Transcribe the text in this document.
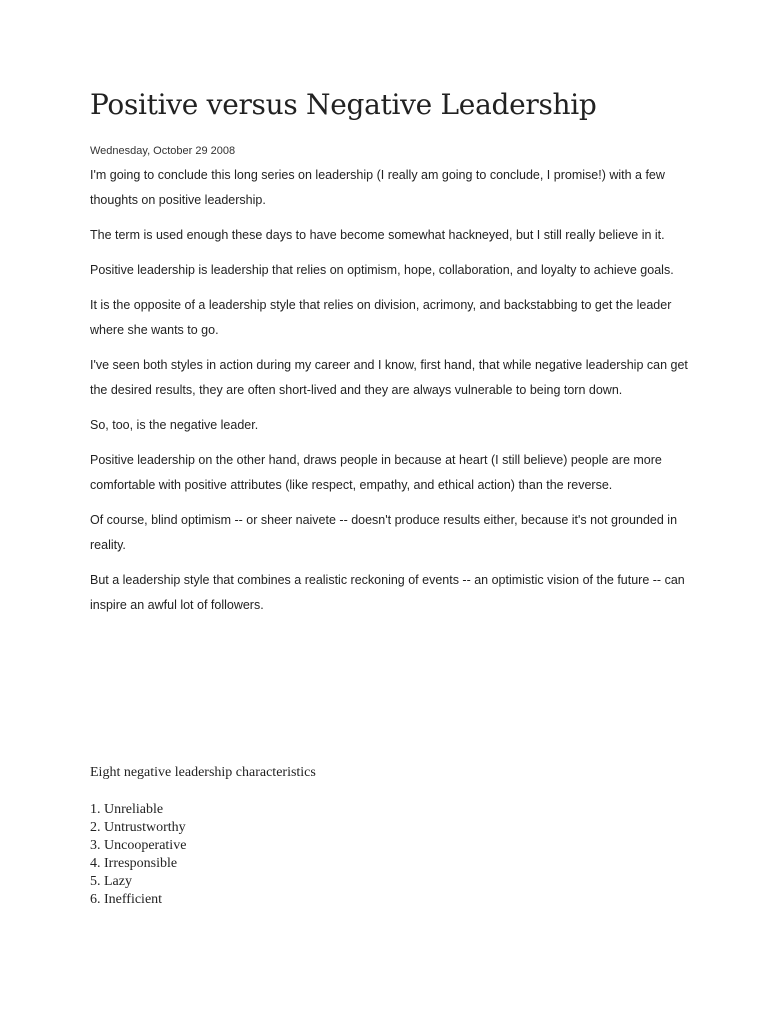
Positive versus Negative Leadership
Wednesday, October 29 2008

I'm going to conclude this long series on leadership (I really am going to conclude, I promise!) with a few thoughts on positive leadership.

The term is used enough these days to have become somewhat hackneyed, but I still really believe in it.

Positive leadership is leadership that relies on optimism, hope, collaboration, and loyalty to achieve goals.

It is the opposite of a leadership style that relies on division, acrimony, and backstabbing to get the leader where she wants to go.

I've seen both styles in action during my career and I know, first hand, that while negative leadership can get the desired results, they are often short-lived and they are always vulnerable to being torn down.

So, too, is the negative leader.

Positive leadership on the other hand, draws people in because at heart (I still believe) people are more comfortable with positive attributes (like respect, empathy, and ethical action) than the reverse.

Of course, blind optimism -- or sheer naivete -- doesn't produce results either, because it's not grounded in reality.

But a leadership style that combines a realistic reckoning of events -- an optimistic vision of the future -- can inspire an awful lot of followers.

Eight negative leadership characteristics
1. Unreliable
2. Untrustworthy
3. Uncooperative
4. Irresponsible
5. Lazy
6. Inefficient
